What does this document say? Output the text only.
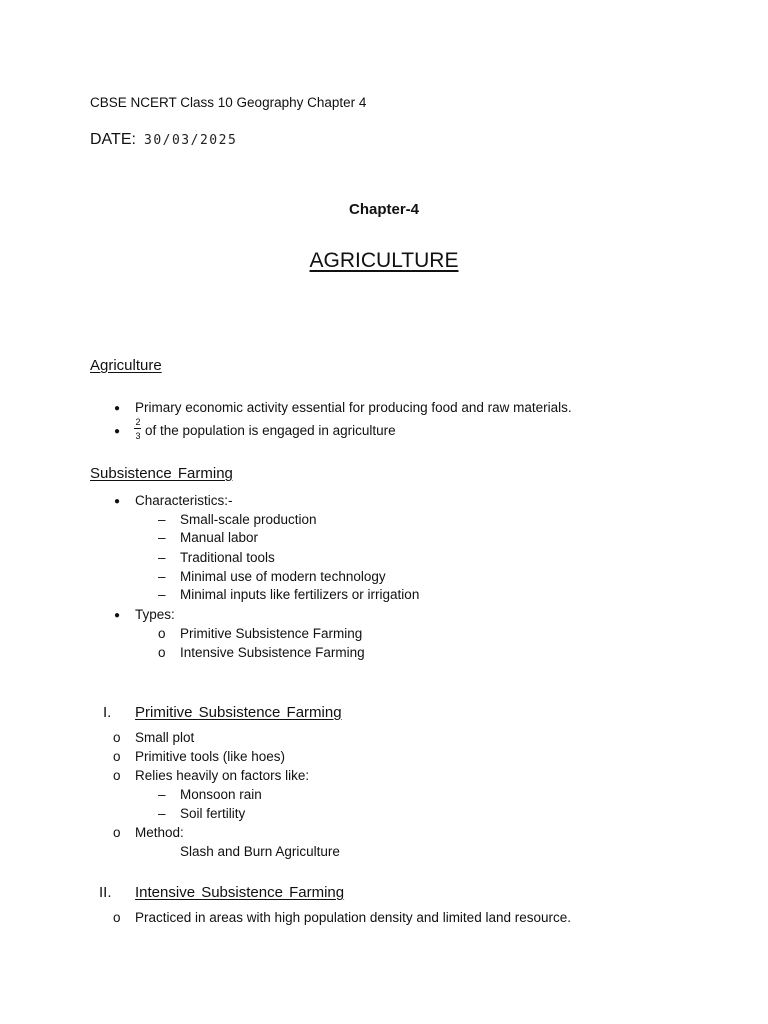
CBSE NCERT Class 10 Geography Chapter 4
DATE: 30/03/2025
Chapter-4
AGRICULTURE
Agriculture
● Primary economic activity essential for producing food and raw materials.
●
2
3 of the population is engaged in agriculture
Subsistence Farming
● Characteristics:-
– Small-scale production
– Manual labor
– Traditional tools
– Minimal use of modern technology
– Minimal inputs like fertilizers or irrigation
● Types:
o Primitive Subsistence Farming
o Intensive Subsistence Farming
I. Primitive Subsistence Farming
o Small plot
o Primitive tools (like hoes)
o Relies heavily on factors like:
– Monsoon rain
– Soil fertility
o Method:
Slash and Burn Agriculture
II. Intensive Subsistence Farming
o Practiced in areas with high population density and limited land resource.
